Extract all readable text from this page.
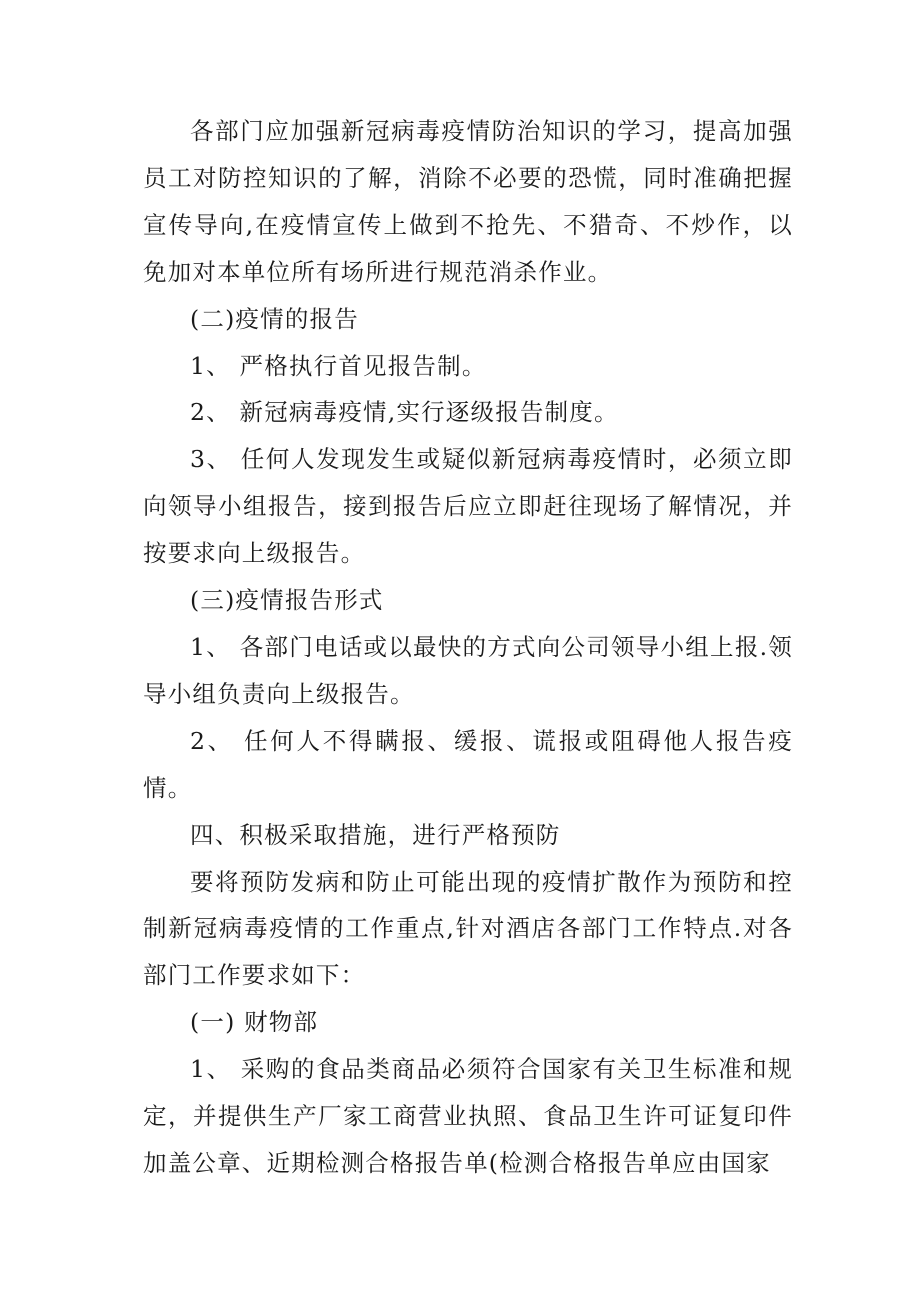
各部门应加强新冠病毒疫情防治知识的学习，提高加强员工对防控知识的了解，消除不必要的恐慌，同时准确把握宣传导向,在疫情宣传上做到不抢先、不猎奇、不炒作，以免加对本单位所有场所进行规范消杀作业。

(二)疫情的报告

1、 严格执行首见报告制。

2、 新冠病毒疫情,实行逐级报告制度。

3、 任何人发现发生或疑似新冠病毒疫情时，必须立即向领导小组报告，接到报告后应立即赶往现场了解情况，并按要求向上级报告。

(三)疫情报告形式

1、 各部门电话或以最快的方式向公司领导小组上报.领导小组负责向上级报告。

2、 任何人不得瞒报、缓报、谎报或阻碍他人报告疫情。

四、积极采取措施，进行严格预防

要将预防发病和防止可能出现的疫情扩散作为预防和控制新冠病毒疫情的工作重点,针对酒店各部门工作特点.对各部门工作要求如下：

(一) 财物部

1、 采购的食品类商品必须符合国家有关卫生标准和规定，并提供生产厂家工商营业执照、食品卫生许可证复印件加盖公章、近期检测合格报告单(检测合格报告单应由国家
